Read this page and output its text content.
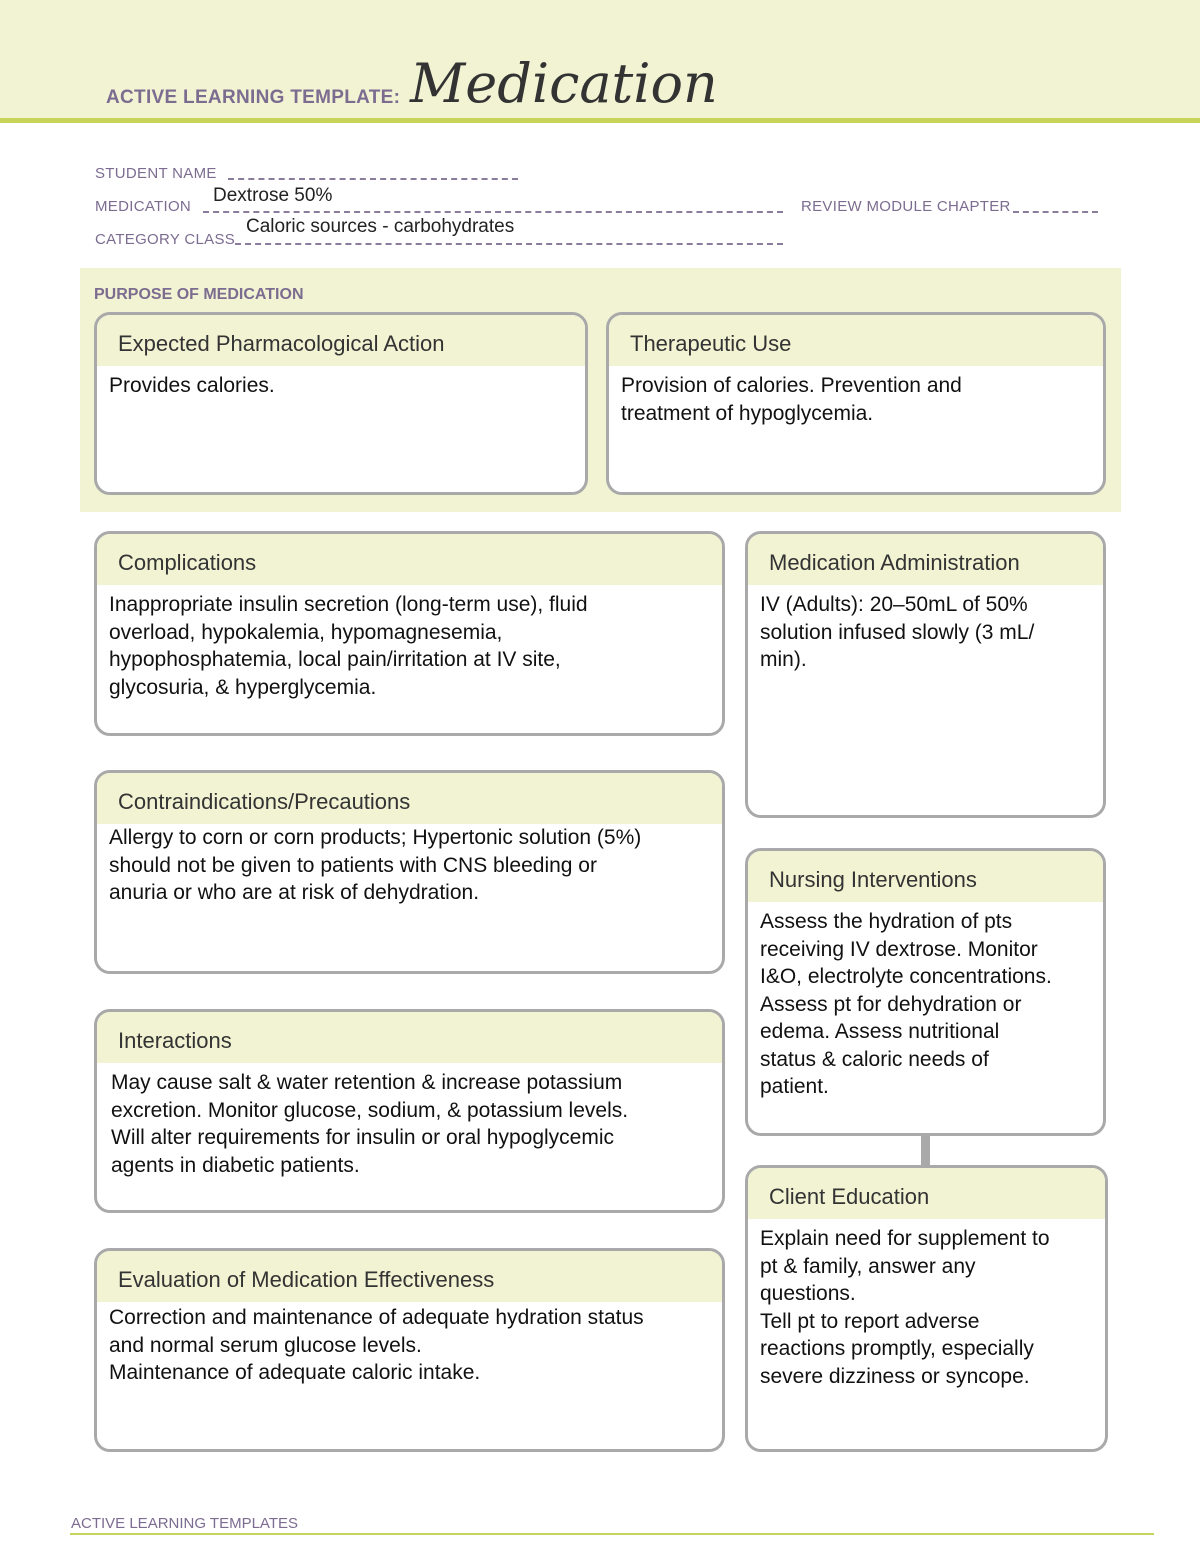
ACTIVE LEARNING TEMPLATE: Medication
STUDENT NAME
MEDICATION
Dextrose 50%
REVIEW MODULE CHAPTER
CATEGORY CLASS
Caloric sources - carbohydrates
PURPOSE OF MEDICATION
Expected Pharmacological Action
Provides calories.
Therapeutic Use
Provision of calories. Prevention and
treatment of hypoglycemia.
Complications
Inappropriate insulin secretion (long-term use), fluid
overload, hypokalemia, hypomagnesemia,
hypophosphatemia, local pain/irritation at IV site,
glycosuria, & hyperglycemia.
Medication Administration
IV (Adults): 20–50mL of 50%
solution infused slowly (3 mL/
min).
Contraindications/Precautions
Allergy to corn or corn products; Hypertonic solution (5%)
should not be given to patients with CNS bleeding or
anuria or who are at risk of dehydration.
Nursing Interventions
Assess the hydration of pts
receiving IV dextrose. Monitor
I&O, electrolyte concentrations.
Assess pt for dehydration or
edema. Assess nutritional
status & caloric needs of
patient.
Interactions
May cause salt & water retention & increase potassium
excretion. Monitor glucose, sodium, & potassium levels.
Will alter requirements for insulin or oral hypoglycemic
agents in diabetic patients.
Client Education
Explain need for supplement to
pt & family, answer any
questions.
Tell pt to report adverse
reactions promptly, especially
severe dizziness or syncope.
Evaluation of Medication Effectiveness
Correction and maintenance of adequate hydration status
and normal serum glucose levels.
Maintenance of adequate caloric intake.
ACTIVE LEARNING TEMPLATES
